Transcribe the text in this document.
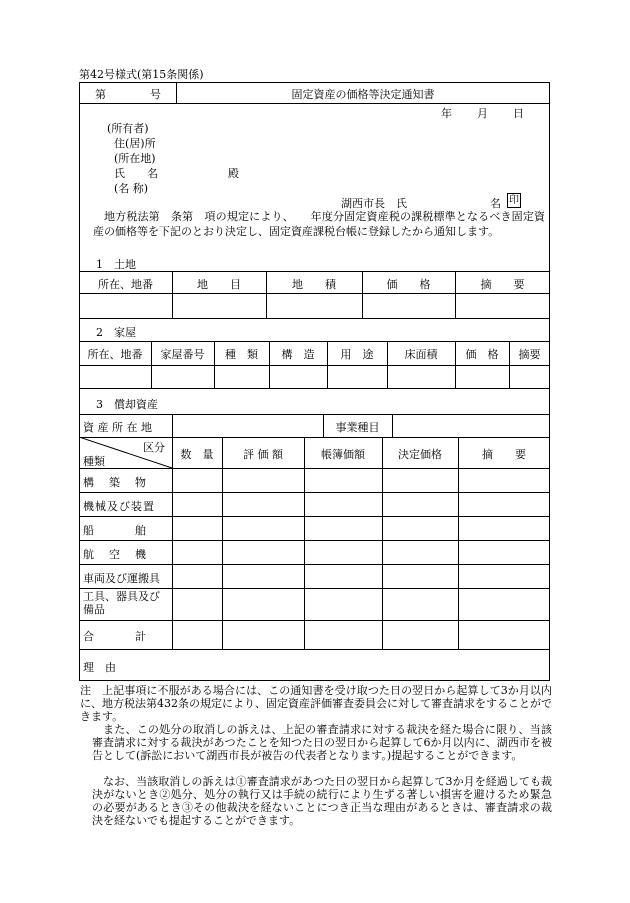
第42号様式(第15条関係)
第　　　　号	固定資産の価格等決定通知書
年　　月　　日
(所有者)
住(居)所
(所在地)
氏　　名	殿
(名 称)
湖西市長　氏	名 印
地方税法第　条第　項の規定により、　　年度分固定資産税の課税標準となるべき固定資産の価格等を下記のとおり決定し、固定資産課税台帳に登録したから通知します。
1　土地
所在、地番	地　　目	地　　積	価　　格	摘　　要
2　家屋
所在、地番	家屋番号	種　類	構　造	用　途	床面積	価　格	摘要
3　償却資産
資 産 所 在 地	事業種目
区分
種類
数　量	評 価 額	帳簿価額	決定価格	摘　　要
構　築　物
機械及び装置
船　　　舶
航　空　機
車両及び運搬具
工具、器具及び備品
合　　　計
理　由
注　上記事項に不服がある場合には、この通知書を受け取つた日の翌日から起算して3か月以内に、地方税法第432条の規定により、固定資産評価審査委員会に対して審査請求をすることができます。
また、この処分の取消しの訴えは、上記の審査請求に対する裁決を経た場合に限り、当該審査請求に対する裁決があつたことを知つた日の翌日から起算して6か月以内に、湖西市を被告として(訴訟において湖西市長が被告の代表者となります。)提起することができます。
なお、当該取消しの訴えは①審査請求があつた日の翌日から起算して3か月を経過しても裁決がないとき②処分、処分の執行又は手続の続行により生ずる著しい損害を避けるため緊急の必要があるとき③その他裁決を経ないことにつき正当な理由があるときは、審査請求の裁決を経ないでも提起することができます。
